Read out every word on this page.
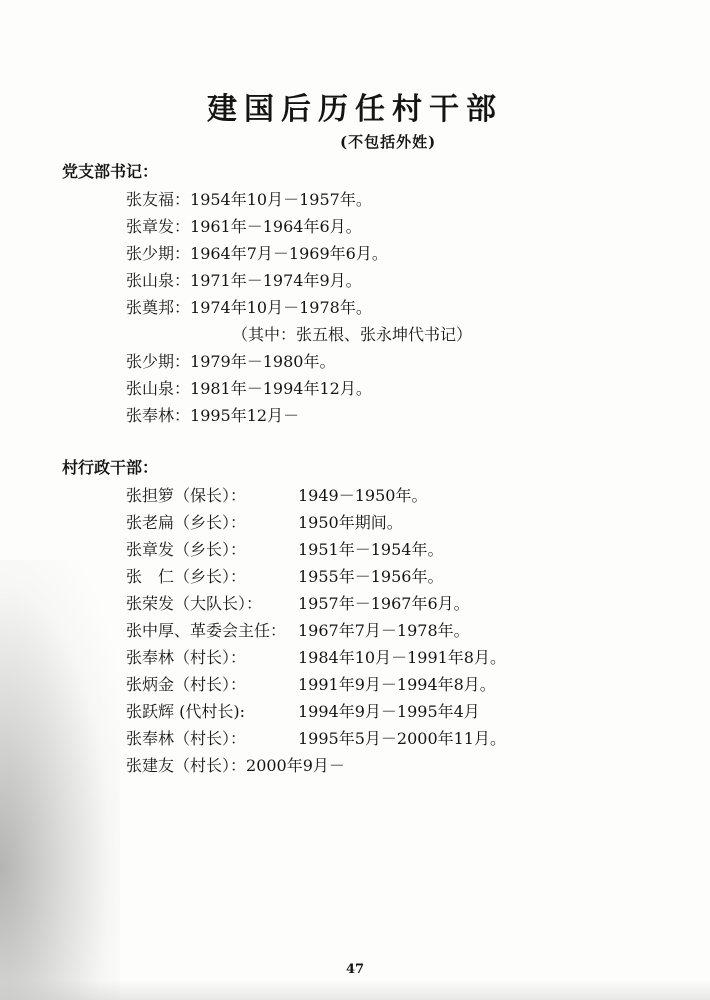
建国后历任村干部
(不包括外姓)
党支部书记：
张友福：1954年10月－1957年。
张章发：1961年－1964年6月。
张少期：1964年7月－1969年6月。
张山泉：1971年－1974年9月。
张奠邦：1974年10月－1978年。
（其中：张五根、张永坤代书记）
张少期：1979年－1980年。
张山泉：1981年－1994年12月。
张奉林：1995年12月－
村行政干部：
张担箩（保长）：	1949－1950年。
张老扁（乡长）：	1950年期间。
张章发（乡长）：	1951年－1954年。
张　仁（乡长）：	1955年－1956年。
张荣发（大队长）： 1957年－1967年6月。
张中厚、革委会主任： 1967年7月－1978年。
张奉林（村长）：	1984年10月－1991年8月。
张炳金（村长）：	1991年9月－1994年8月。
张跃辉 (代村长):	1994年9月－1995年4月
张奉林（村长）：	1995年5月－2000年11月。
张建友（村长）：2000年9月－
47
